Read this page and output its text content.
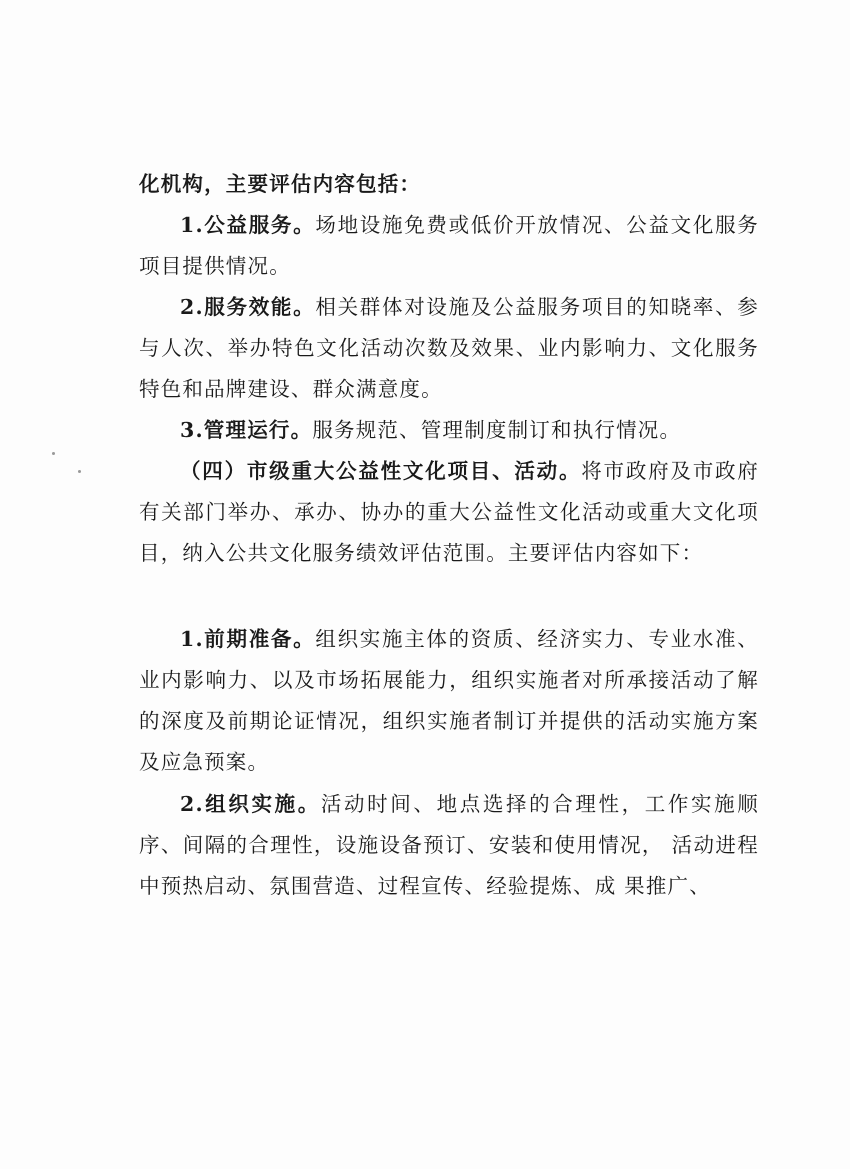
化机构，主要评估内容包括：

1.公益服务。场地设施免费或低价开放情况、公益文化服务项目提供情况。

2.服务效能。相关群体对设施及公益服务项目的知晓率、参与人次、举办特色文化活动次数及效果、业内影响力、文化服务特色和品牌建设、群众满意度。

3.管理运行。服务规范、管理制度制订和执行情况。

（四）市级重大公益性文化项目、活动。将市政府及市政府有关部门举办、承办、协办的重大公益性文化活动或重大文化项目，纳入公共文化服务绩效评估范围。主要评估内容如下：

1.前期准备。组织实施主体的资质、经济实力、专业水准、业内影响力、以及市场拓展能力，组织实施者对所承接活动了解的深度及前期论证情况，组织实施者制订并提供的活动实施方案及应急预案。

2.组织实施。活动时间、地点选择的合理性，工作实施顺序、间隔的合理性，设施设备预订、安装和使用情况， 活动进程中预热启动、氛围营造、过程宣传、经验提炼、成 果推广、
